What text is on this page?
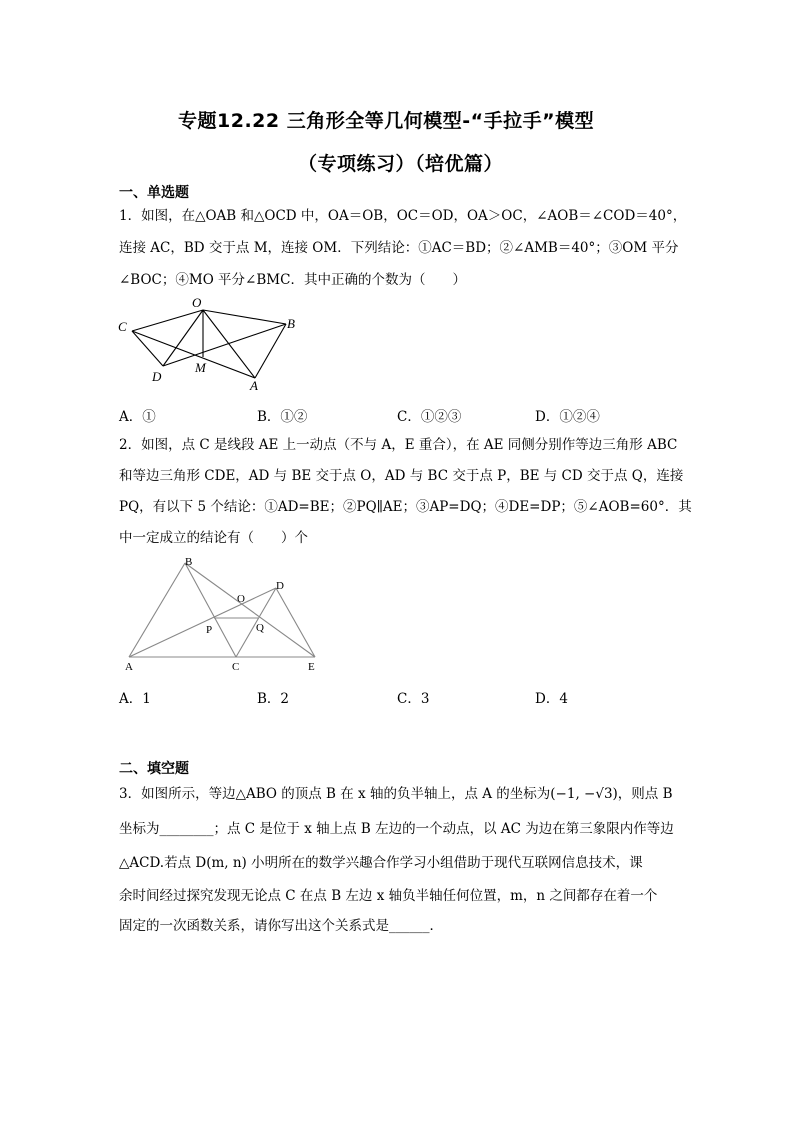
专题12.22 三角形全等几何模型-“手拉手”模型
（专项练习）（培优篇）
一、单选题
1．如图，在△OAB 和△OCD 中，OA＝OB，OC＝OD，OA＞OC，∠AOB＝∠COD＝40°，
连接 AC，BD 交于点 M，连接 OM．下列结论：①AC＝BD；②∠AMB＝40°；③OM 平分
∠BOC；④MO 平分∠BMC．其中正确的个数为（　　）
O
C	B
D
M
A
A．①	B．①②	C．①②③	D．①②④
2．如图，点 C 是线段 AE 上一动点（不与 A，E 重合），在 AE 同侧分别作等边三角形 ABC
和等边三角形 CDE，AD 与 BE 交于点 O，AD 与 BC 交于点 P，BE 与 CD 交于点 Q，连接
PQ，有以下 5 个结论：①AD=BE；②PQ∥AE；③AP=DQ；④DE=DP；⑤∠AOB=60°．其
中一定成立的结论有（　　）个
B
D
O
P	Q
A	C	E
A．1	B．2	C．3	D．4
二、填空题
3．如图所示，等边△ABO 的顶点 B 在 x 轴的负半轴上，点 A 的坐标为(−1, −√3)，则点 B
坐标为________；点 C 是位于 x 轴上点 B 左边的一个动点，以 AC 为边在第三象限内作等边
△ACD.若点 D(m, n) 小明所在的数学兴趣合作学习小组借助于现代互联网信息技术，课
余时间经过探究发现无论点 C 在点 B 左边 x 轴负半轴任何位置，m，n 之间都存在着一个
固定的一次函数关系，请你写出这个关系式是______．
